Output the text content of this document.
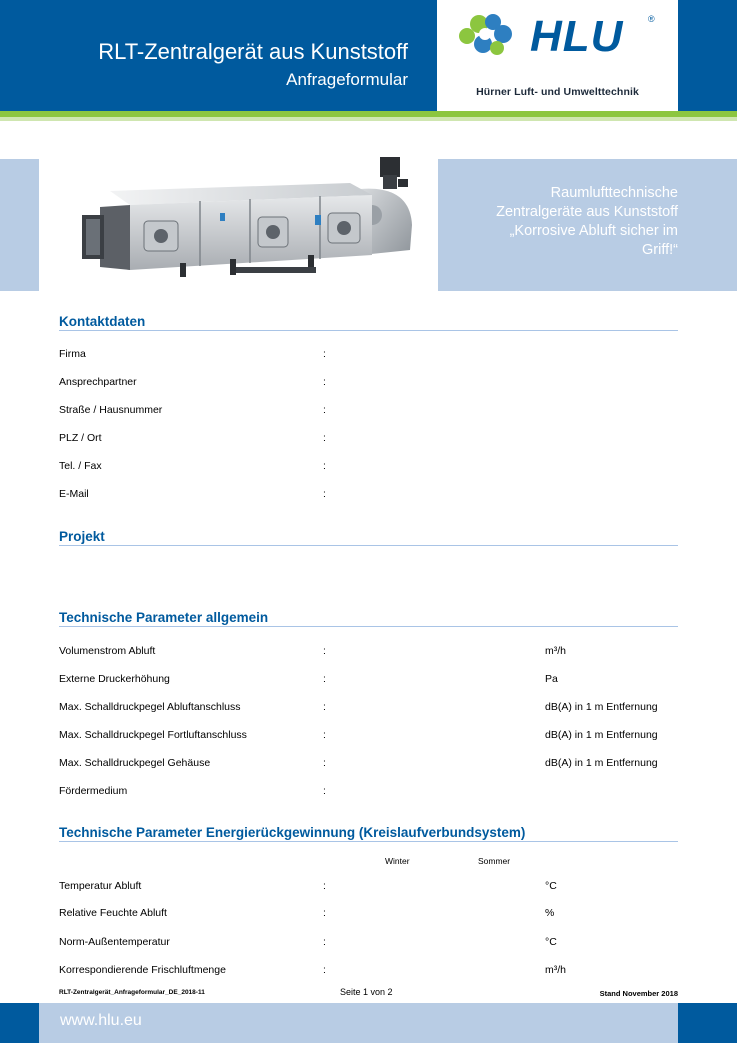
RLT-Zentralgerät aus Kunststoff
Anfrageformular
HLU	®
Hürner Luft- und Umwelttechnik
Raumlufttechnische
Zentralgeräte aus Kunststoff
„Korrosive Abluft sicher im
Griff!“
Kontaktdaten
Firma	:
Ansprechpartner	:
Straße / Hausnummer	:
PLZ / Ort	:
Tel. / Fax	:
E-Mail	:
Projekt
Technische Parameter allgemein
Volumenstrom Abluft	:	m³/h
Externe Druckerhöhung	:	Pa
Max. Schalldruckpegel Abluftanschluss	:	dB(A) in 1 m Entfernung
Max. Schalldruckpegel Fortluftanschluss	:	dB(A) in 1 m Entfernung
Max. Schalldruckpegel Gehäuse	:	dB(A) in 1 m Entfernung
Fördermedium	:
Technische Parameter Energierückgewinnung (Kreislaufverbundsystem)
Winter	Sommer
Temperatur Abluft	:	°C
Relative Feuchte Abluft	:	%
Norm-Außentemperatur	:	°C
Korrespondierende Frischluftmenge	:	m³/h
RLT-Zentralgerät_Anfrageformular_DE_2018-11	Seite 1 von 2	Stand November 2018
www.hlu.eu
